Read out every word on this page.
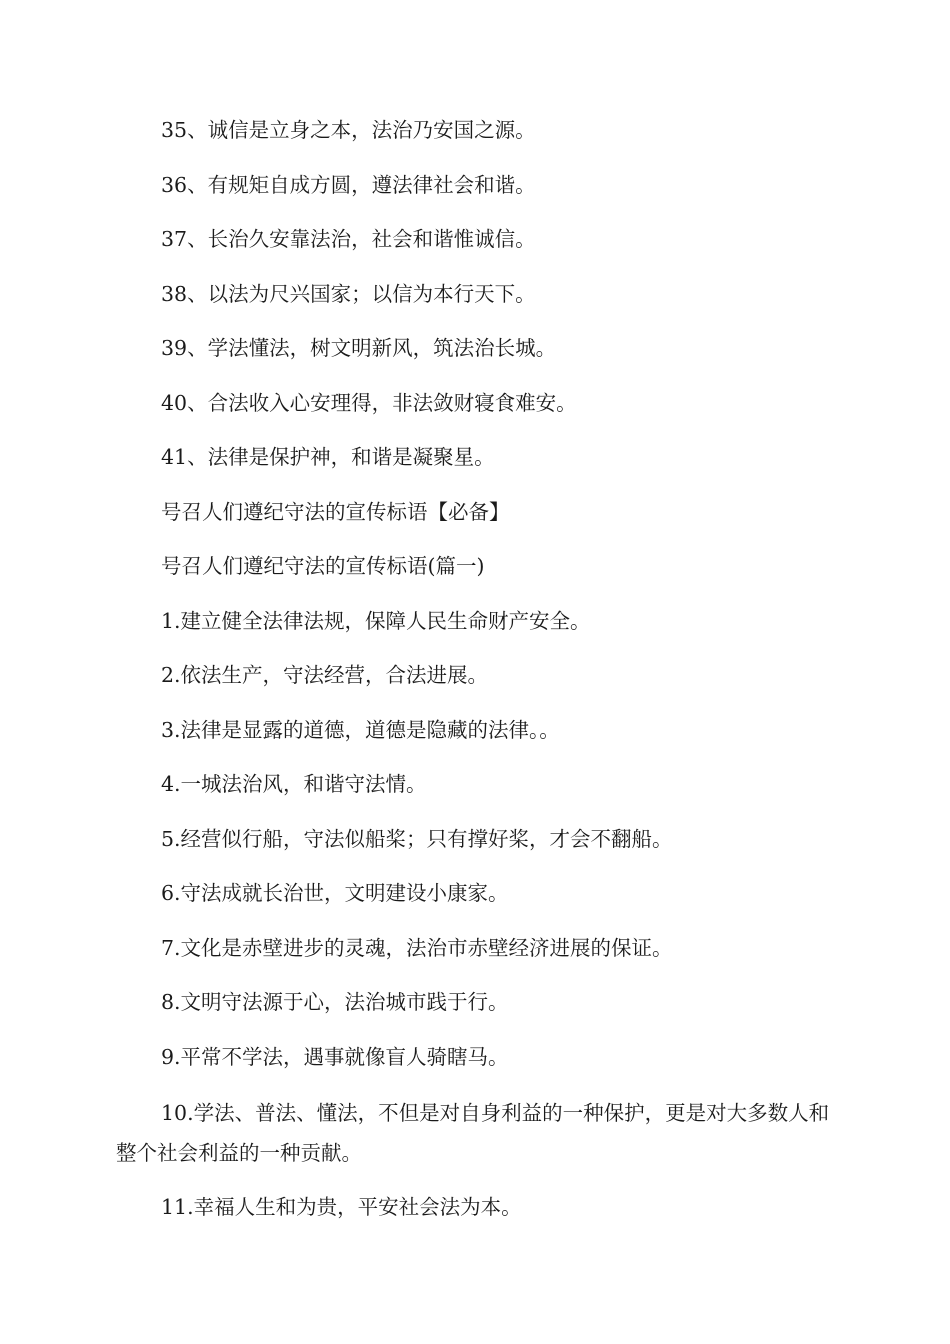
35、诚信是立身之本，法治乃安国之源。

36、有规矩自成方圆，遵法律社会和谐。

37、长治久安靠法治，社会和谐惟诚信。

38、以法为尺兴国家；以信为本行天下。

39、学法懂法，树文明新风，筑法治长城。

40、合法收入心安理得，非法敛财寝食难安。

41、法律是保护神，和谐是凝聚星。

号召人们遵纪守法的宣传标语【必备】

号召人们遵纪守法的宣传标语(篇一)

1.建立健全法律法规，保障人民生命财产安全。

2.依法生产，守法经营，合法进展。

3.法律是显露的道德，道德是隐藏的法律。。

4.一城法治风，和谐守法情。

5.经营似行船，守法似船桨；只有撑好桨，才会不翻船。

6.守法成就长治世，文明建设小康家。

7.文化是赤壁进步的灵魂，法治市赤壁经济进展的保证。

8.文明守法源于心，法治城市践于行。

9.平常不学法，遇事就像盲人骑瞎马。

10.学法、普法、懂法，不但是对自身利益的一种保护，更是对大多数人和整个社会利益的一种贡献。

11.幸福人生和为贵，平安社会法为本。
